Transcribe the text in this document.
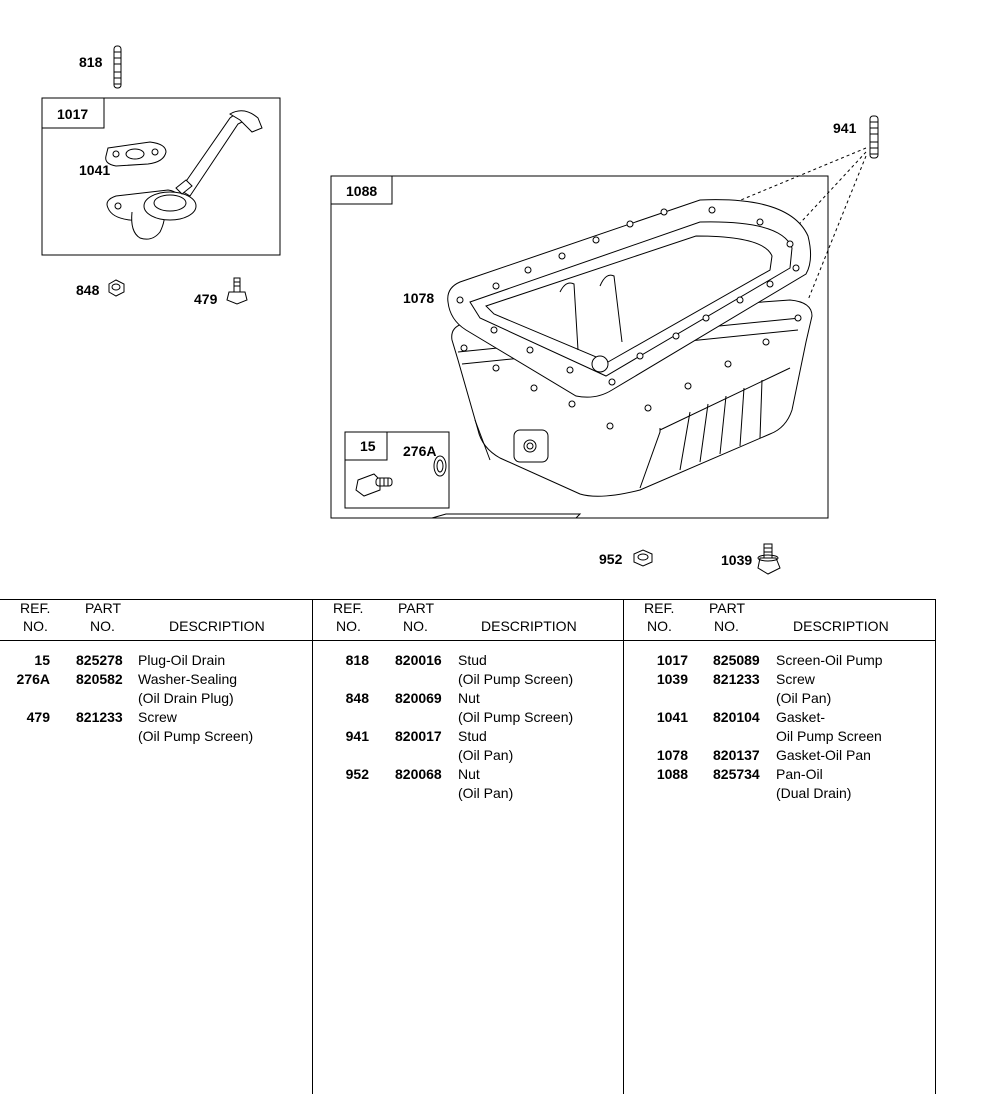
818
1017
1041
848
479
941
1088
1078
15 276A
952	1039
REF.
NO.
PART
NO.	DESCRIPTION
15 825278 Plug-Oil Drain
276A 820582 Washer-Sealing
(Oil Drain Plug)
479 821233 Screw
(Oil Pump Screen)
REF.
NO.
PART
NO.	DESCRIPTION
818 820016 Stud
(Oil Pump Screen)
848 820069 Nut
(Oil Pump Screen)
941 820017 Stud
(Oil Pan)
952 820068 Nut
(Oil Pan)
REF.
NO.
PART
NO.	DESCRIPTION
1017 825089 Screen-Oil Pump
1039 821233 Screw
(Oil Pan)
1041 820104 Gasket-
Oil Pump Screen
1078 820137 Gasket-Oil Pan
1088 825734 Pan-Oil
(Dual Drain)
